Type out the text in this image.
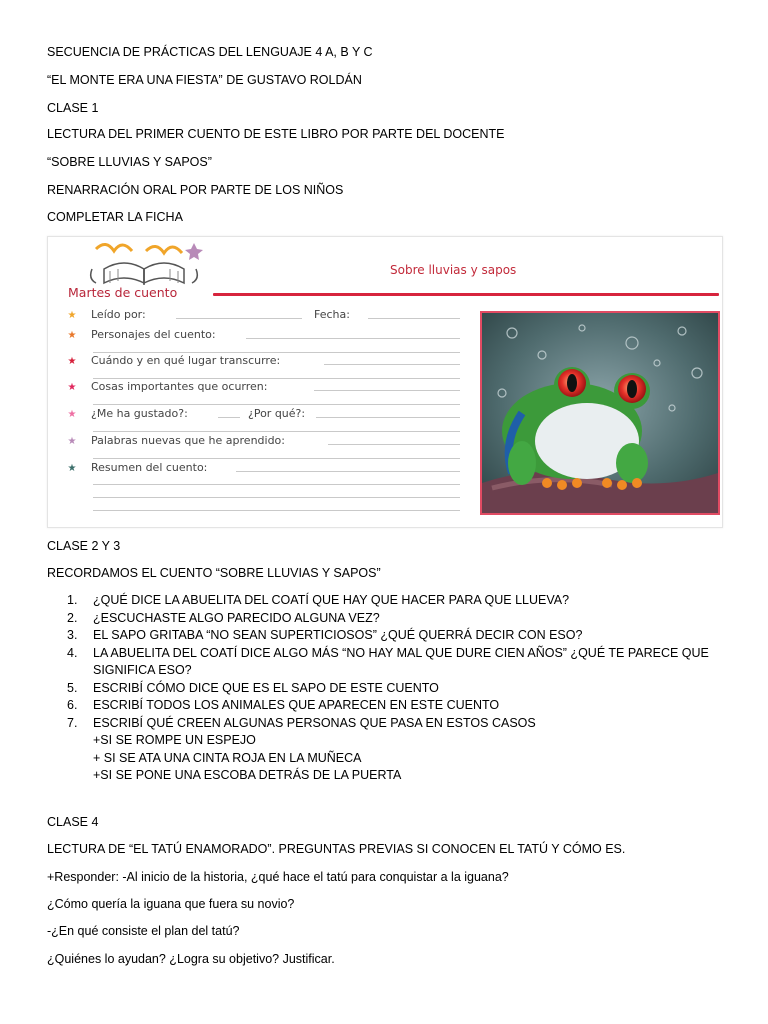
SECUENCIA DE PRÁCTICAS DEL LENGUAJE 4 A, B Y C

“EL MONTE ERA UNA FIESTA” DE GUSTAVO ROLDÁN

CLASE 1

LECTURA DEL PRIMER CUENTO DE ESTE LIBRO POR PARTE DEL DOCENTE

“SOBRE LLUVIAS Y SAPOS”

RENARRACIÓN ORAL POR PARTE DE LOS NIÑOS

COMPLETAR LA FICHA

Sobre lluvias y sapos
Martes de cuento
★ Leído por:	Fecha:
★ Personajes del cuento:
★ Cuándo y en qué lugar transcurre:
★ Cosas importantes que ocurren:
★ ¿Me ha gustado?:	¿Por qué?:
★ Palabras nuevas que he aprendido:
★ Resumen del cuento:

CLASE 2 Y 3

RECORDAMOS EL CUENTO “SOBRE LLUVIAS Y SAPOS”

1. ¿QUÉ DICE LA ABUELITA DEL COATÍ QUE HAY QUE HACER PARA QUE LLUEVA?
2. ¿ESCUCHASTE ALGO PARECIDO ALGUNA VEZ?
3. EL SAPO GRITABA “NO SEAN SUPERTICIOSOS” ¿QUÉ QUERRÁ DECIR CON ESO?
4. LA ABUELITA DEL COATÍ DICE ALGO MÁS “NO HAY MAL QUE DURE CIEN AÑOS” ¿QUÉ TE PARECE QUE
SIGNIFICA ESO?
5. ESCRIBÍ CÓMO DICE QUE ES EL SAPO DE ESTE CUENTO
6. ESCRIBÍ TODOS LOS ANIMALES QUE APARECEN EN ESTE CUENTO
7. ESCRIBÍ QUÉ CREEN ALGUNAS PERSONAS QUE PASA EN ESTOS CASOS
+SI SE ROMPE UN ESPEJO
+ SI SE ATA UNA CINTA ROJA EN LA MUÑECA
+SI SE PONE UNA ESCOBA DETRÁS DE LA PUERTA

CLASE 4

LECTURA DE “EL TATÚ ENAMORADO”. PREGUNTAS PREVIAS SI CONOCEN EL TATÚ Y CÓMO ES.

+Responder: -Al inicio de la historia, ¿qué hace el tatú para conquistar a la iguana?

¿Cómo quería la iguana que fuera su novio?

-¿En qué consiste el plan del tatú?

¿Quiénes lo ayudan? ¿Logra su objetivo? Justificar.
